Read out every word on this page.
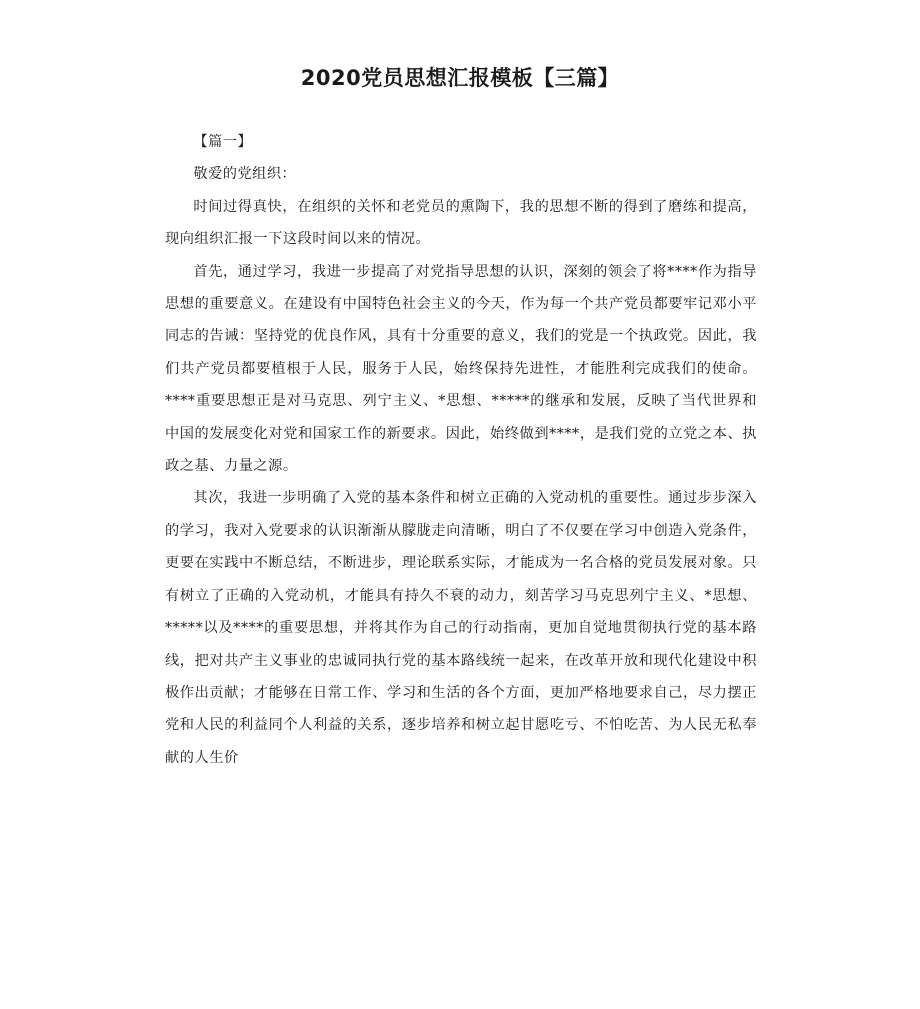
2020党员思想汇报模板【三篇】

【篇一】

敬爱的党组织：

时间过得真快，在组织的关怀和老党员的熏陶下，我的思想不断的得到了磨练和提高，现向组织汇报一下这段时间以来的情况。

首先，通过学习，我进一步提高了对党指导思想的认识，深刻的领会了将****作为指导思想的重要意义。在建设有中国特色社会主义的今天，作为每一个共产党员都要牢记邓小平同志的告诫：坚持党的优良作风，具有十分重要的意义，我们的党是一个执政党。因此，我们共产党员都要植根于人民，服务于人民，始终保持先进性，才能胜利完成我们的使命。****重要思想正是对马克思、列宁主义、*思想、*****的继承和发展，反映了当代世界和中国的发展变化对党和国家工作的新要求。因此，始终做到****，是我们党的立党之本、执政之基、力量之源。

其次，我进一步明确了入党的基本条件和树立正确的入党动机的重要性。通过步步深入的学习，我对入党要求的认识渐渐从朦胧走向清晰，明白了不仅要在学习中创造入党条件，更要在实践中不断总结，不断进步，理论联系实际，才能成为一名合格的党员发展对象。只有树立了正确的入党动机，才能具有持久不衰的动力，刻苦学习马克思列宁主义、*思想、*****以及****的重要思想，并将其作为自己的行动指南，更加自觉地贯彻执行党的基本路线，把对共产主义事业的忠诚同执行党的基本路线统一起来，在改革开放和现代化建设中积极作出贡献；才能够在日常工作、学习和生活的各个方面，更加严格地要求自己，尽力摆正党和人民的利益同个人利益的关系，逐步培养和树立起甘愿吃亏、不怕吃苦、为人民无私奉献的人生价
